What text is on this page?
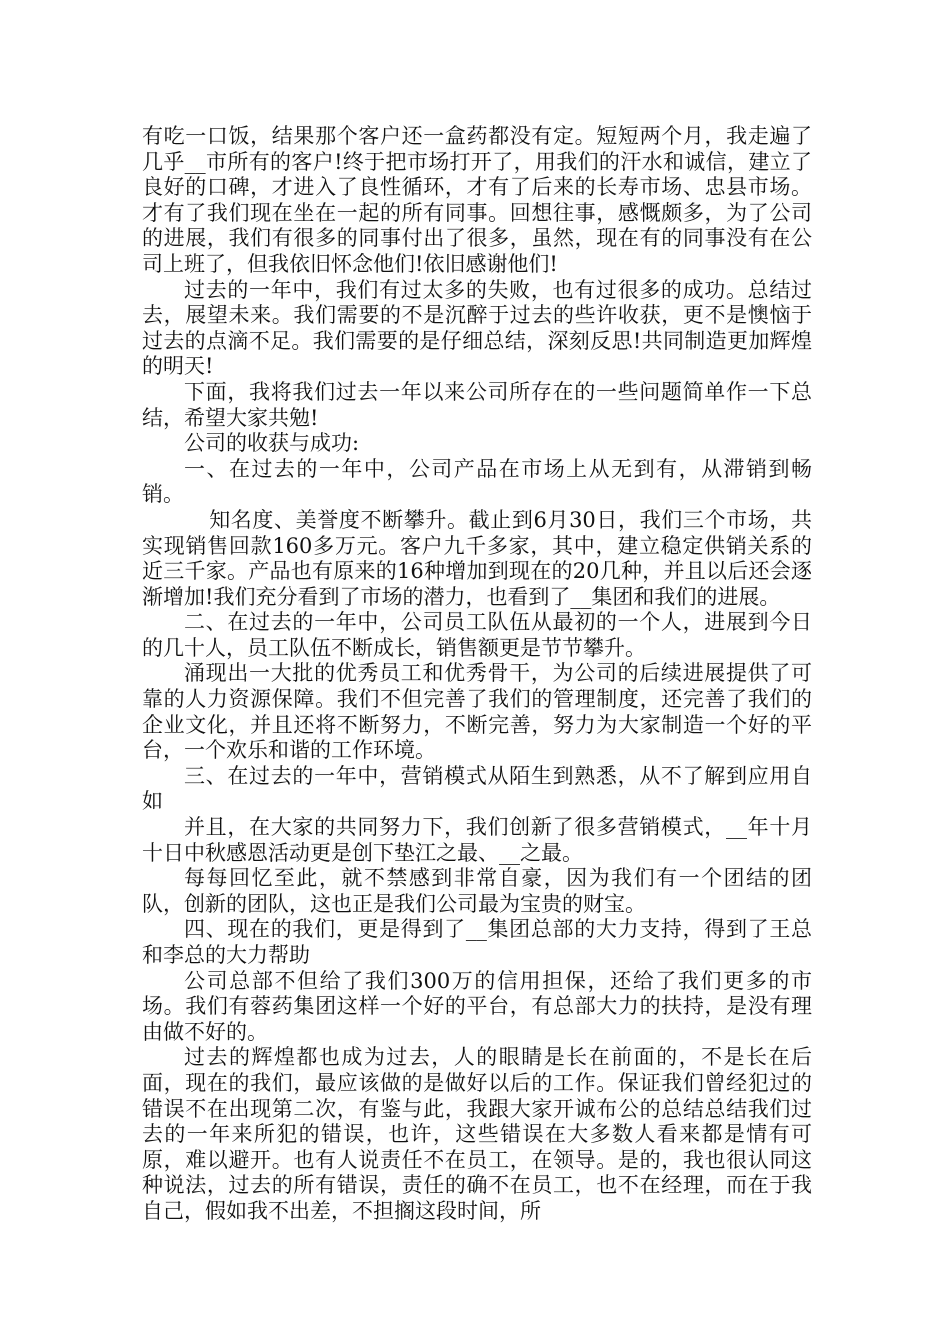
有吃一口饭，结果那个客户还一盒药都没有定。短短两个月，我走遍了几乎__市所有的客户!终于把市场打开了，用我们的汗水和诚信，建立了良好的口碑，才进入了良性循环，才有了后来的长寿市场、忠县市场。才有了我们现在坐在一起的所有同事。回想往事，感慨颇多，为了公司的进展，我们有很多的同事付出了很多，虽然，现在有的同事没有在公司上班了，但我依旧怀念他们!依旧感谢他们!

过去的一年中，我们有过太多的失败，也有过很多的成功。总结过去，展望未来。我们需要的不是沉醉于过去的些许收获，更不是懊恼于过去的点滴不足。我们需要的是仔细总结，深刻反思!共同制造更加辉煌的明天!

下面，我将我们过去一年以来公司所存在的一些问题简单作一下总结，希望大家共勉!

公司的收获与成功:

一、在过去的一年中，公司产品在市场上从无到有，从滞销到畅销。

知名度、美誉度不断攀升。截止到6月30日，我们三个市场，共实现销售回款160多万元。客户九千多家，其中，建立稳定供销关系的近三千家。产品也有原来的16种增加到现在的20几种，并且以后还会逐渐增加!我们充分看到了市场的潜力，也看到了__集团和我们的进展。

二、在过去的一年中，公司员工队伍从最初的一个人，进展到今日的几十人，员工队伍不断成长，销售额更是节节攀升。

涌现出一大批的优秀员工和优秀骨干，为公司的后续进展提供了可靠的人力资源保障。我们不但完善了我们的管理制度，还完善了我们的企业文化，并且还将不断努力，不断完善，努力为大家制造一个好的平台，一个欢乐和谐的工作环境。

三、在过去的一年中，营销模式从陌生到熟悉，从不了解到应用自如

并且，在大家的共同努力下，我们创新了很多营销模式，__年十月十日中秋感恩活动更是创下垫江之最、__之最。

每每回忆至此，就不禁感到非常自豪，因为我们有一个团结的团队，创新的团队，这也正是我们公司最为宝贵的财宝。

四、现在的我们，更是得到了__集团总部的大力支持，得到了王总和李总的大力帮助

公司总部不但给了我们300万的信用担保，还给了我们更多的市场。我们有蓉药集团这样一个好的平台，有总部大力的扶持，是没有理由做不好的。

过去的辉煌都也成为过去，人的眼睛是长在前面的，不是长在后面，现在的我们，最应该做的是做好以后的工作。保证我们曾经犯过的错误不在出现第二次，有鉴与此，我跟大家开诚布公的总结总结我们过去的一年来所犯的错误，也许，这些错误在大多数人看来都是情有可原，难以避开。也有人说责任不在员工，在领导。是的，我也很认同这种说法，过去的所有错误，责任的确不在员工，也不在经理，而在于我自己，假如我不出差，不担搁这段时间，所
